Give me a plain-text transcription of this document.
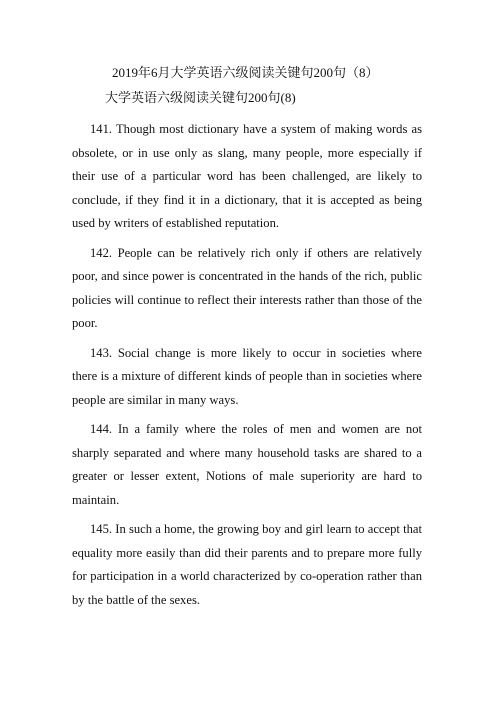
2019年6月大学英语六级阅读关键句200句（8）
大学英语六级阅读关键句200句(8)

141. Though most dictionary have a system of making words as obsolete, or in use only as slang, many people, more especially if their use of a particular word has been challenged, are likely to conclude, if they find it in a dictionary, that it is accepted as being used by writers of established reputation.

142. People can be relatively rich only if others are relatively poor, and since power is concentrated in the hands of the rich, public policies will continue to reflect their interests rather than those of the poor.

143. Social change is more likely to occur in societies where there is a mixture of different kinds of people than in societies where people are similar in many ways.

144. In a family where the roles of men and women are not sharply separated and where many household tasks are shared to a greater or lesser extent, Notions of male superiority are hard to maintain.

145. In such a home, the growing boy and girl learn to accept that equality more easily than did their parents and to prepare more fully for participation in a world characterized by co-operation rather than by the battle of the sexes.
